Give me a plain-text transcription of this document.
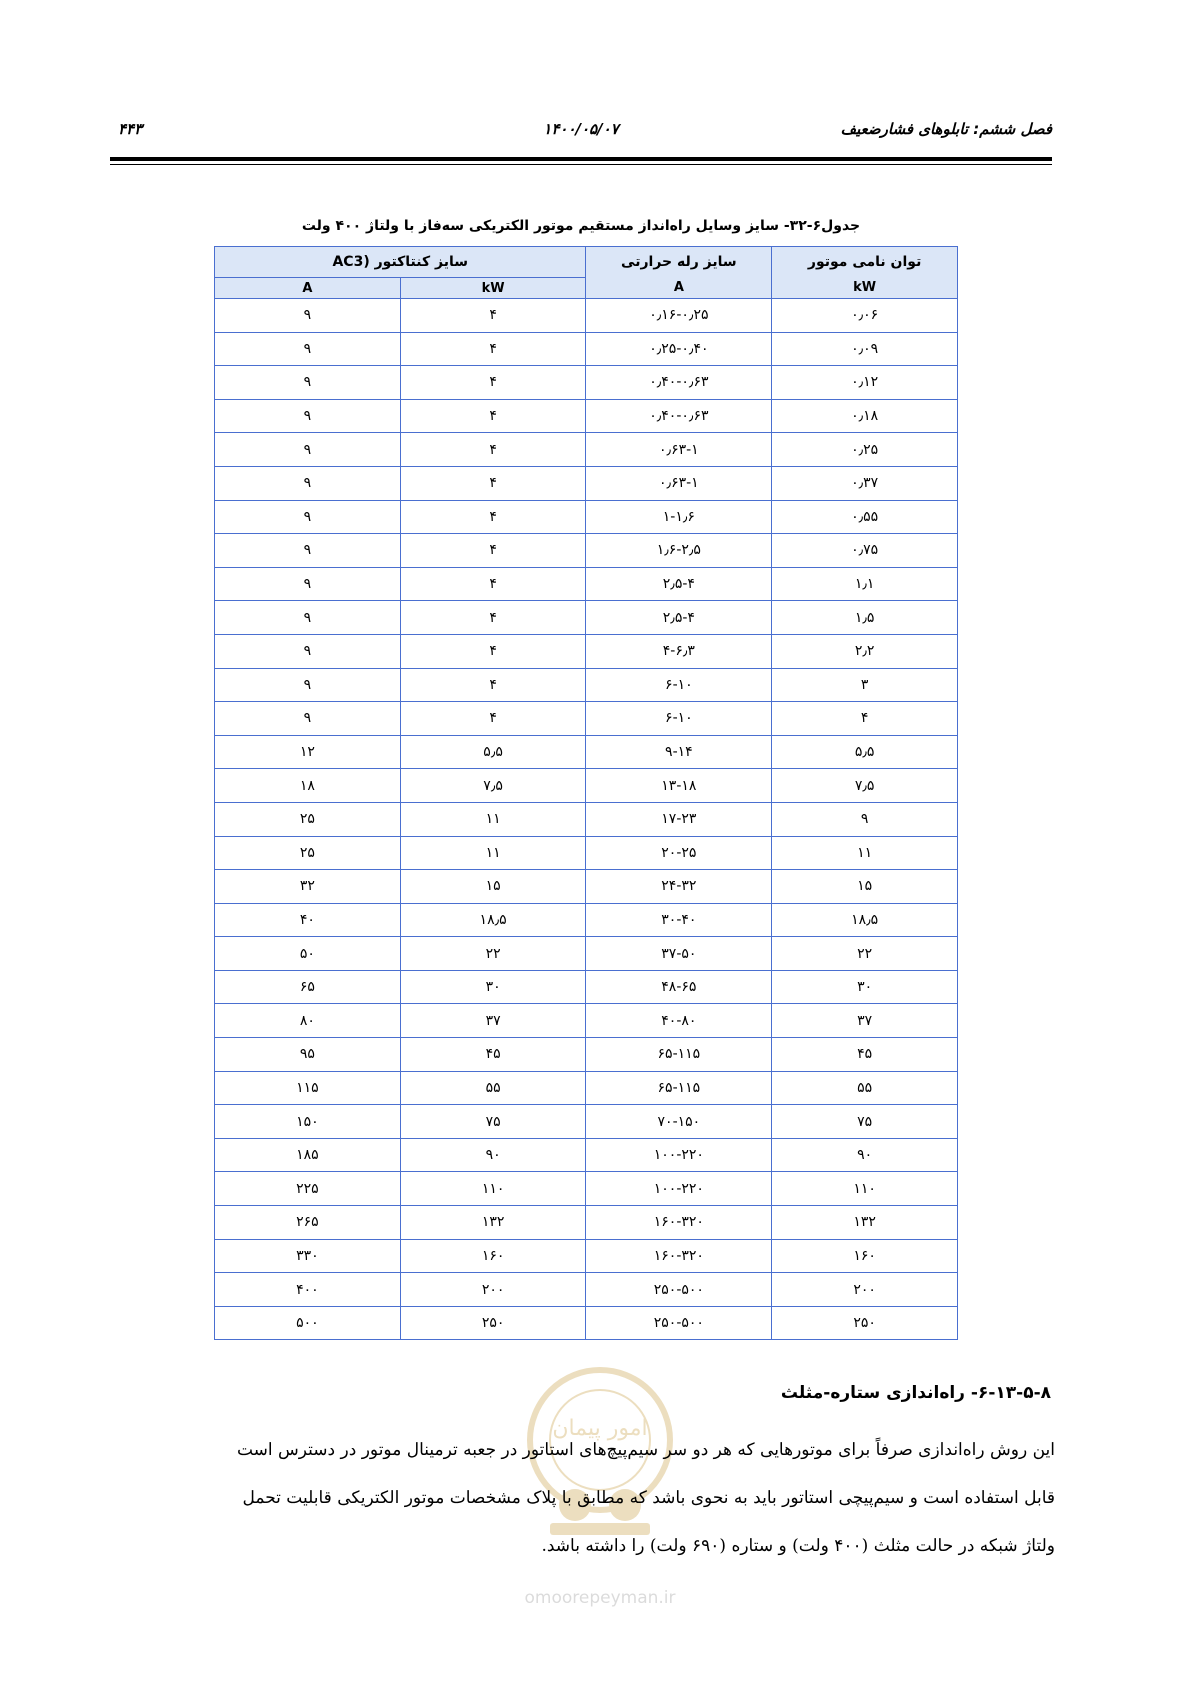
فصل ششم: تابلوهای فشارضعیف
۱۴۰۰/۰۵/۰۷
۴۴۳
جدول۶-۳۲- سایز وسایل راه‌انداز مستقیم موتور الکتریکی سه‌فاز با ولتاژ ۴۰۰ ولت
توان نامی موتور	سایز رله حرارتی	سایز کنتاکتور (AC3	
kW	A	kW	A
۰٫۰۶	۰٫۱۶-۰٫۲۵	۴	۹
۰٫۰۹	۰٫۲۵-۰٫۴۰	۴	۹
۰٫۱۲	۰٫۴۰-۰٫۶۳	۴	۹
۰٫۱۸	۰٫۴۰-۰٫۶۳	۴	۹
۰٫۲۵	۰٫۶۳-۱	۴	۹
۰٫۳۷	۰٫۶۳-۱	۴	۹
۰٫۵۵	۱-۱٫۶	۴	۹
۰٫۷۵	۱٫۶-۲٫۵	۴	۹
۱٫۱	۲٫۵-۴	۴	۹
۱٫۵	۲٫۵-۴	۴	۹
۲٫۲	۴-۶٫۳	۴	۹
۳	۶-۱۰	۴	۹
۴	۶-۱۰	۴	۹
۵٫۵	۹-۱۴	۵٫۵	۱۲
۷٫۵	۱۳-۱۸	۷٫۵	۱۸
۹	۱۷-۲۳	۱۱	۲۵
۱۱	۲۰-۲۵	۱۱	۲۵
۱۵	۲۴-۳۲	۱۵	۳۲
۱۸٫۵	۳۰-۴۰	۱۸٫۵	۴۰
۲۲	۳۷-۵۰	۲۲	۵۰
۳۰	۴۸-۶۵	۳۰	۶۵
۳۷	۴۰-۸۰	۳۷	۸۰
۴۵	۶۵-۱۱۵	۴۵	۹۵
۵۵	۶۵-۱۱۵	۵۵	۱۱۵
۷۵	۷۰-۱۵۰	۷۵	۱۵۰
۹۰	۱۰۰-۲۲۰	۹۰	۱۸۵
۱۱۰	۱۰۰-۲۲۰	۱۱۰	۲۲۵
۱۳۲	۱۶۰-۳۲۰	۱۳۲	۲۶۵
۱۶۰	۱۶۰-۳۲۰	۱۶۰	۳۳۰
۲۰۰	۲۵۰-۵۰۰	۲۰۰	۴۰۰
۲۵۰	۲۵۰-۵۰۰	۲۵۰	۵۰۰
امور پیمان
omoorepeyman.ir
۶-۱۳-۵-۸- راه‌اندازی ستاره-مثلث

این روش راه‌اندازی صرفاً برای موتورهایی که هر دو سر سیم‌پیچ‌های استاتور در جعبه ترمینال موتور در دسترس است

قابل استفاده است و سیم‌پیچی استاتور باید به نحوی باشد که مطابق با پلاک مشخصات موتور الکتریکی قابلیت تحمل

ولتاژ شبکه در حالت مثلث (۴۰۰ ولت) و ستاره (۶۹۰ ولت) را داشته باشد.
